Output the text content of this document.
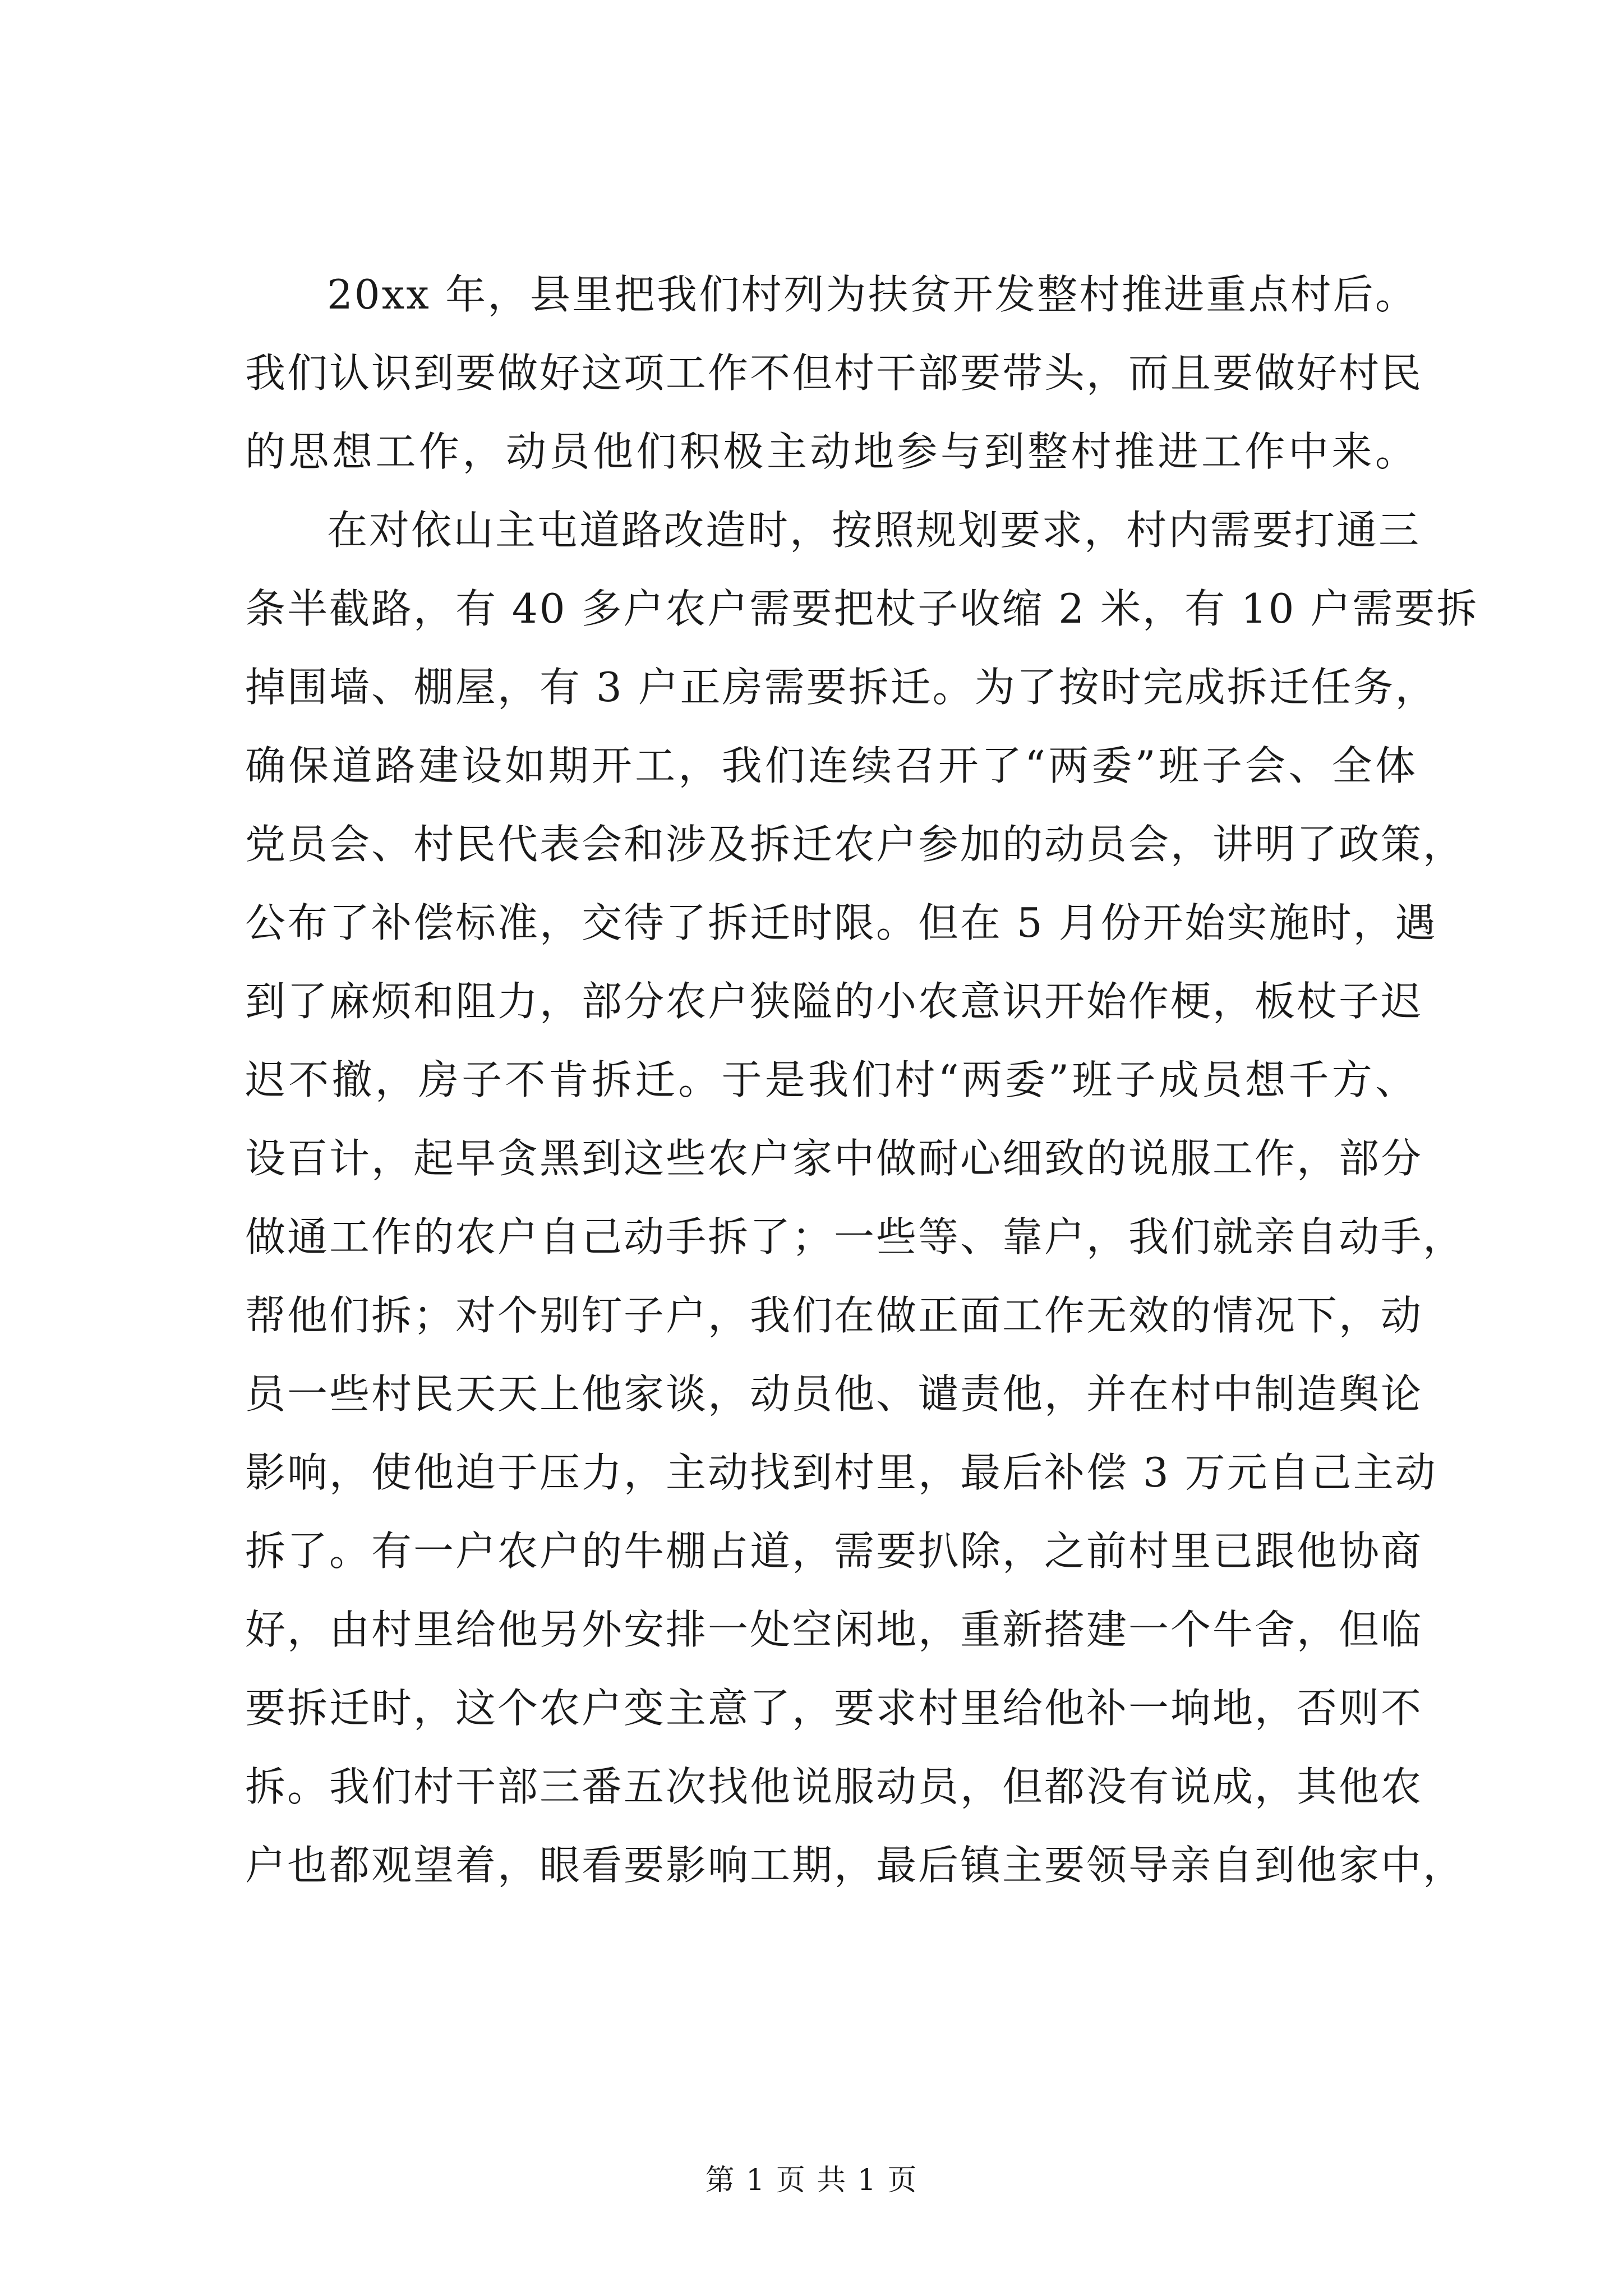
20xx 年，县里把我们村列为扶贫开发整村推进重点村后。
我们认识到要做好这项工作不但村干部要带头，而且要做好村民
的思想工作，动员他们积极主动地参与到整村推进工作中来。
在对依山主屯道路改造时，按照规划要求，村内需要打通三
条半截路，有 40 多户农户需要把杖子收缩 2 米，有 10 户需要拆
掉围墙、棚屋，有 3 户正房需要拆迁。为了按时完成拆迁任务，
确保道路建设如期开工，我们连续召开了“两委”班子会、全体
党员会、村民代表会和涉及拆迁农户参加的动员会，讲明了政策，
公布了补偿标准，交待了拆迁时限。但在 5 月份开始实施时，遇
到了麻烦和阻力，部分农户狭隘的小农意识开始作梗，板杖子迟
迟不撤，房子不肯拆迁。于是我们村“两委”班子成员想千方、
设百计，起早贪黑到这些农户家中做耐心细致的说服工作，部分
做通工作的农户自己动手拆了；一些等、靠户，我们就亲自动手，
帮他们拆；对个别钉子户，我们在做正面工作无效的情况下，动
员一些村民天天上他家谈，动员他、谴责他，并在村中制造舆论
影响，使他迫于压力，主动找到村里，最后补偿 3 万元自己主动
拆了。有一户农户的牛棚占道，需要扒除，之前村里已跟他协商
好，由村里给他另外安排一处空闲地，重新搭建一个牛舍，但临
要拆迁时，这个农户变主意了，要求村里给他补一垧地，否则不
拆。我们村干部三番五次找他说服动员，但都没有说成，其他农
户也都观望着，眼看要影响工期，最后镇主要领导亲自到他家中，
第 1 页 共 1 页
